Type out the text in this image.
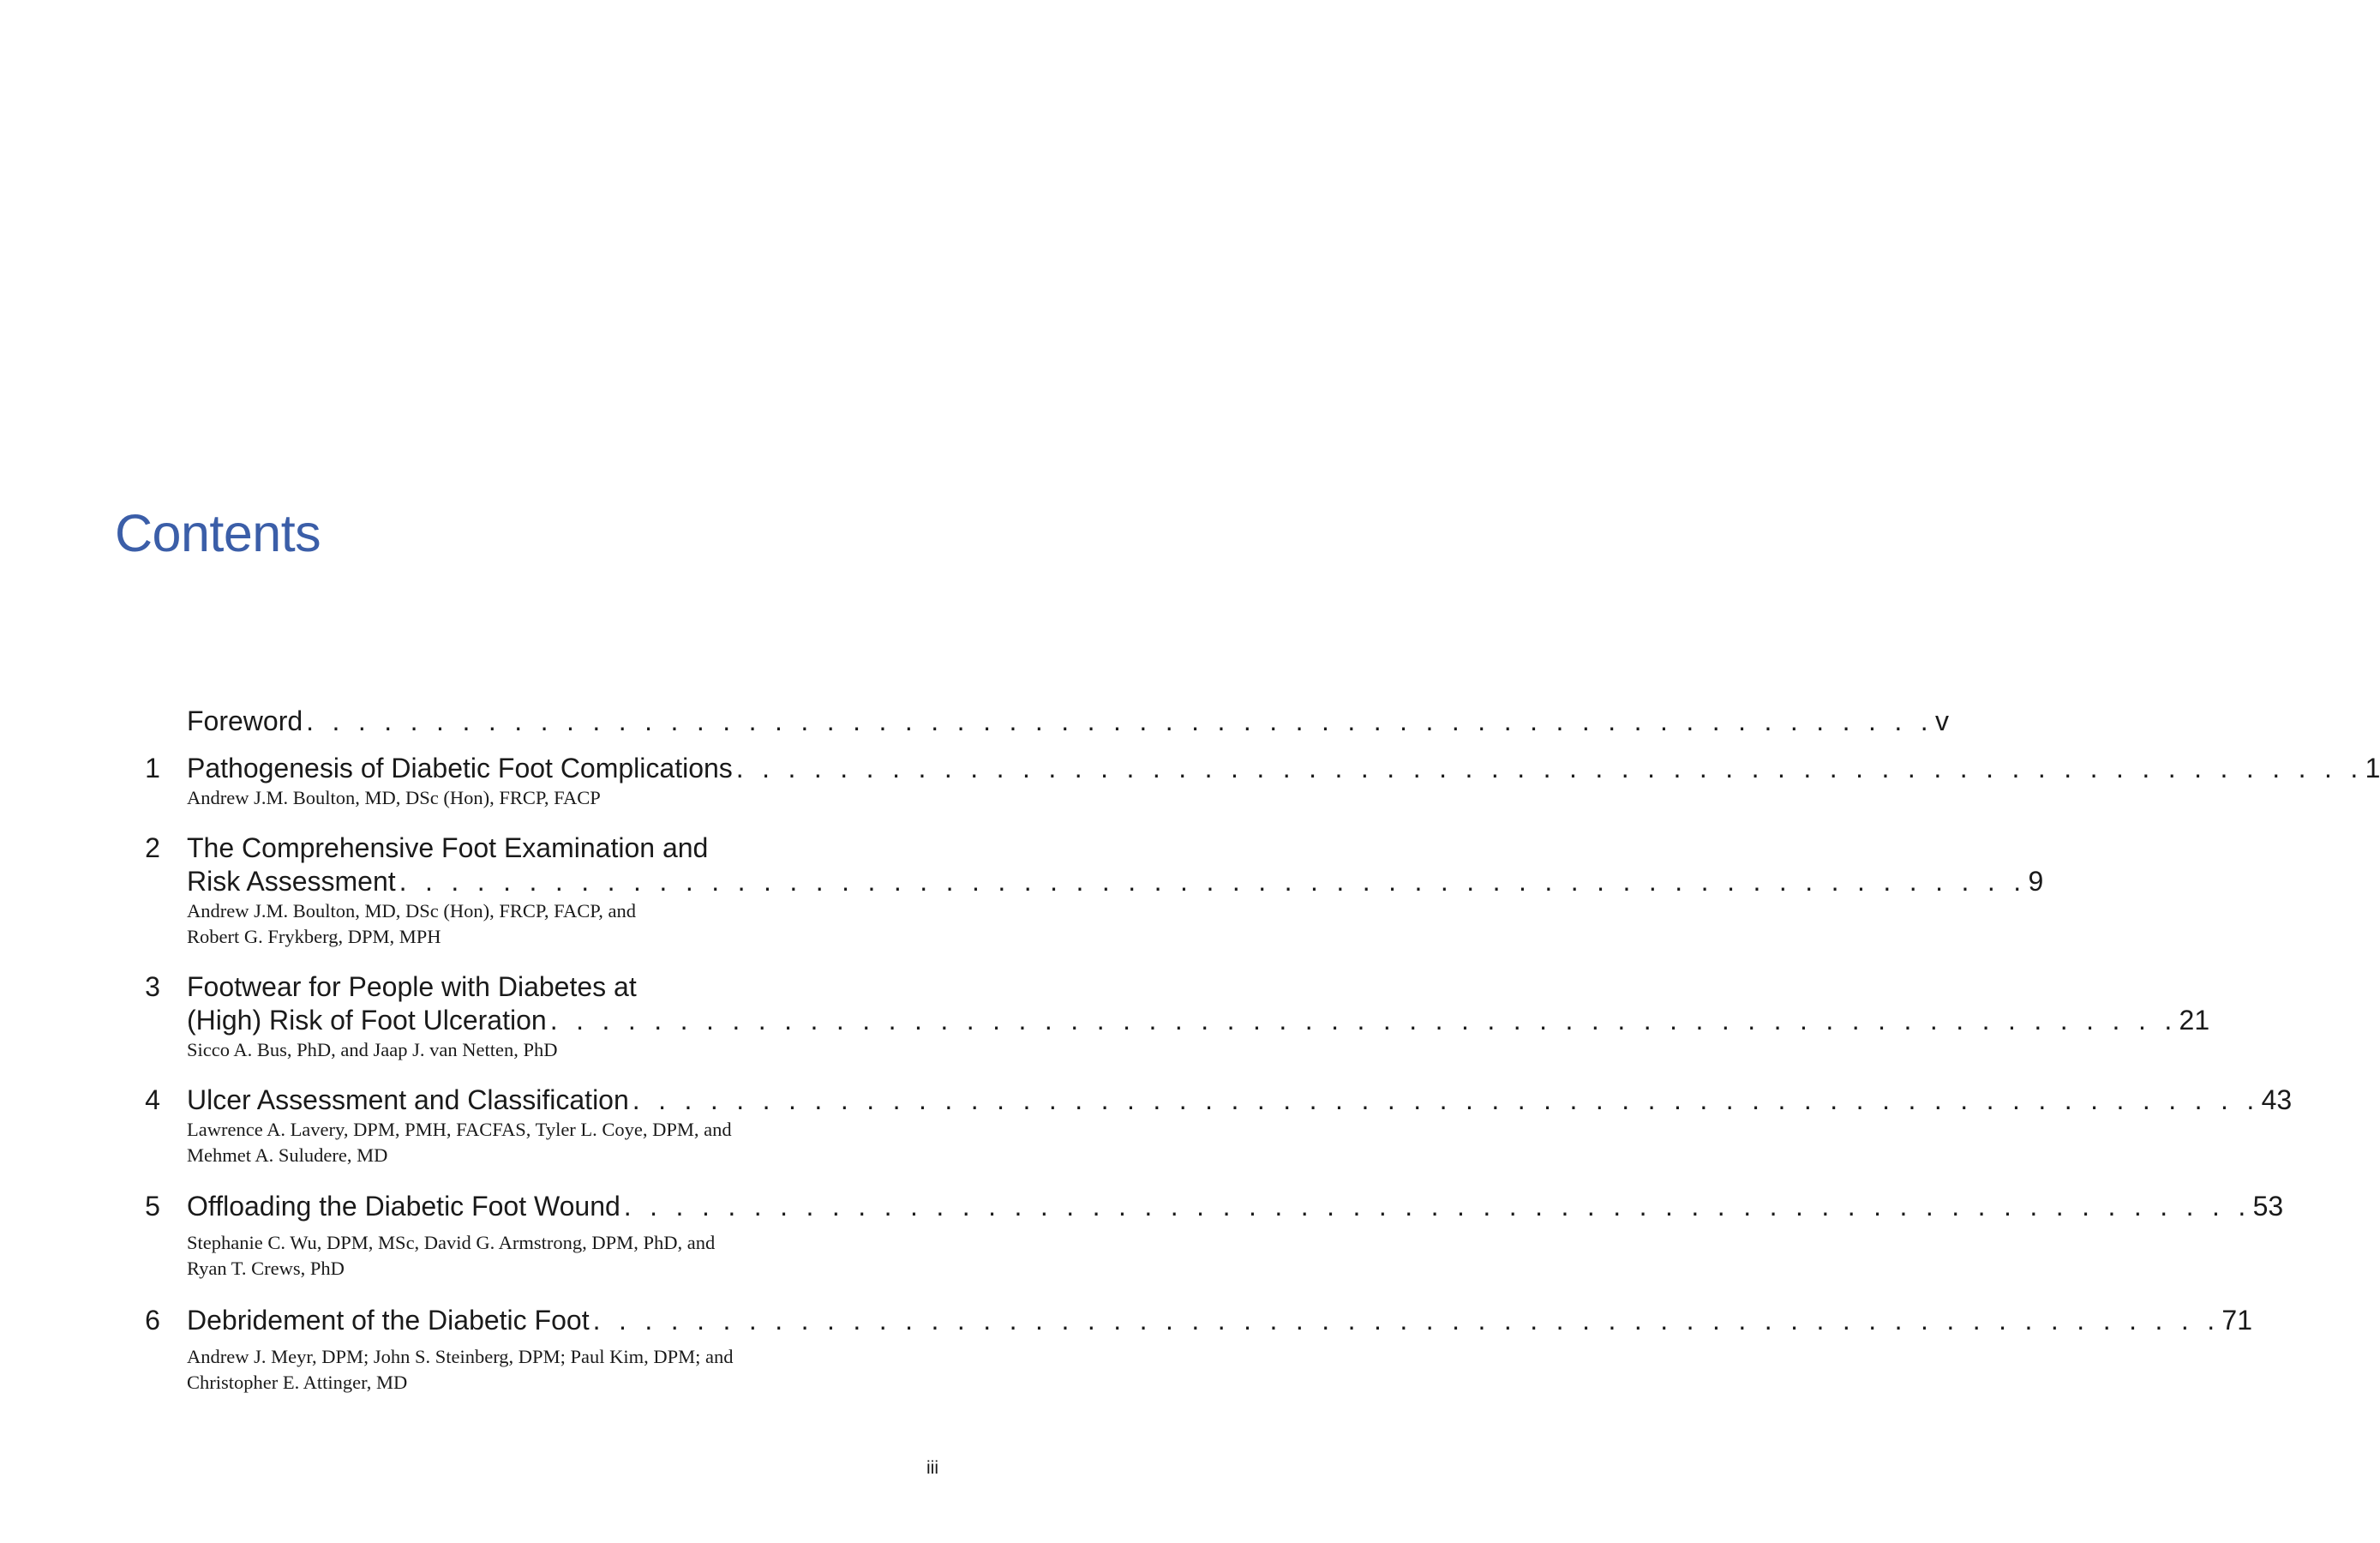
Contents
Foreword . . . . . . . . . . . . . . . . . . . . . . . . . . . . . . . . . . . . . . . . . . . . . . . . . . . . . . . . . . . . . . . v
1 Pathogenesis of Diabetic Foot Complications . . . . . . . . . . . . . . . . . . . . . . . . . . . . . . . . . . . . . . . . . . . . . . . . . . . . . . . . . . . . . . . 1
Andrew J.M. Boulton, MD, DSc (Hon), FRCP, FACP
2 The Comprehensive Foot Examination and
Risk Assessment . . . . . . . . . . . . . . . . . . . . . . . . . . . . . . . . . . . . . . . . . . . . . . . . . . . . . . . . . . . . . . . 9
Andrew J.M. Boulton, MD, DSc (Hon), FRCP, FACP, and
Robert G. Frykberg, DPM, MPH
3 Footwear for People with Diabetes at
(High) Risk of Foot Ulceration . . . . . . . . . . . . . . . . . . . . . . . . . . . . . . . . . . . . . . . . . . . . . . . . . . . . . . . . . . . . . . . 21
Sicco A. Bus, PhD, and Jaap J. van Netten, PhD
4 Ulcer Assessment and Classification . . . . . . . . . . . . . . . . . . . . . . . . . . . . . . . . . . . . . . . . . . . . . . . . . . . . . . . . . . . . . . . 43
Lawrence A. Lavery, DPM, PMH, FACFAS, Tyler L. Coye, DPM, and
Mehmet A. Suludere, MD
5 Offloading the Diabetic Foot Wound . . . . . . . . . . . . . . . . . . . . . . . . . . . . . . . . . . . . . . . . . . . . . . . . . . . . . . . . . . . . . . . 53
Stephanie C. Wu, DPM, MSc, David G. Armstrong, DPM, PhD, and
Ryan T. Crews, PhD
6 Debridement of the Diabetic Foot . . . . . . . . . . . . . . . . . . . . . . . . . . . . . . . . . . . . . . . . . . . . . . . . . . . . . . . . . . . . . . . 71
Andrew J. Meyr, DPM; John S. Steinberg, DPM; Paul Kim, DPM; and
Christopher E. Attinger, MD
iii
